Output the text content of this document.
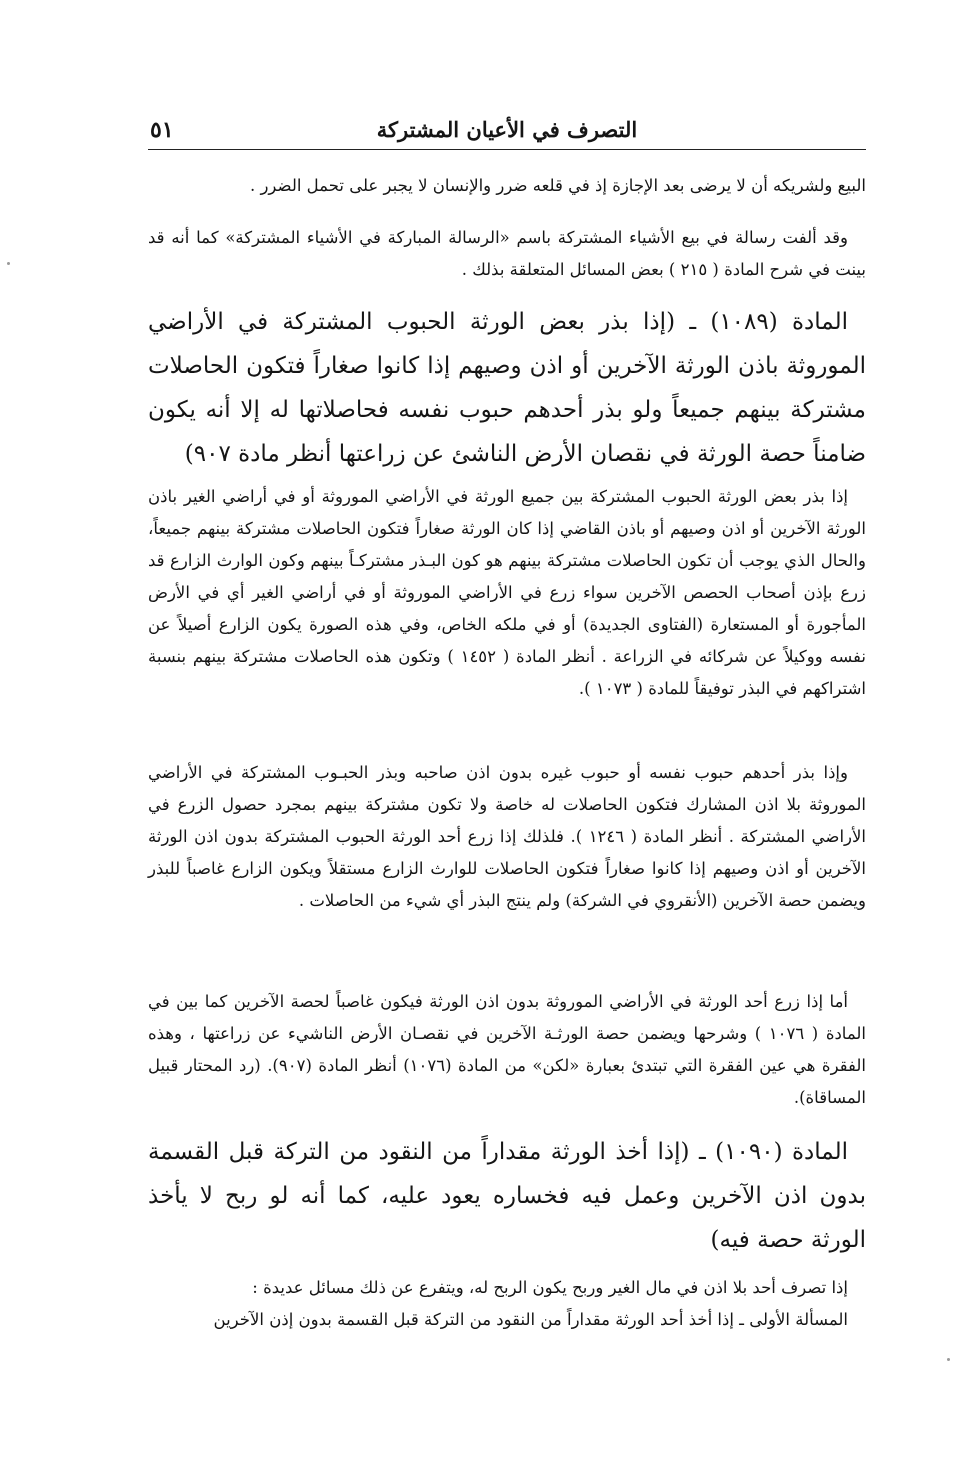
التصرف في الأعيان المشتركة
٥١

البيع ولشريكه أن لا يرضى بعد الإجازة إذ في قلعه ضرر والإنسان لا يجبر على تحمل الضرر .

وقد ألفت رسالة في بيع الأشياء المشتركة باسم «الرسالة المباركة في الأشياء المشتركة» كما أنه قد بينت في شرح المادة ( ٢١٥ ) بعض المسائل المتعلقة بذلك .

المادة (١٠٨٩) ـ (إذا بذر بعض الورثة الحبوب المشتركة في الأراضي الموروثة باذن الورثة الآخرين أو اذن وصيهم إذا كانوا صغاراً فتكون الحاصلات مشتركة بينهم جميعاً ولو بذر أحدهم حبوب نفسه فحاصلاتها له إلا أنه يكون ضامناً حصة الورثة في نقصان الأرض الناشئ عن زراعتها أنظر مادة ٩٠٧)

إذا بذر بعض الورثة الحبوب المشتركة بين جميع الورثة في الأراضي الموروثة أو في أراضي الغير باذن الورثة الآخرين أو اذن وصيهم أو باذن القاضي إذا كان الورثة صغاراً فتكون الحاصلات مشتركة بينهم جميعاً، والحال الذي يوجب أن تكون الحاصلات مشتركة بينهم هو كون البـذر مشتركـاً بينهم وكون الوارث الزارع قد زرع بإذن أصحاب الحصص الآخرين سواء زرع في الأراضي الموروثة أو في أراضي الغير أي في الأرض المأجورة أو المستعارة (الفتاوى الجديدة) أو في ملكه الخاص، وفي هذه الصورة يكون الزارع أصيلاً عن نفسه ووكيلاً عن شركائه في الزراعة . أنظر المادة ( ١٤٥٢ ) وتكون هذه الحاصلات مشتركة بينهم بنسبة اشتراكهم في البذر توفيقاً للمادة ( ١٠٧٣ ).

وإذا بذر أحدهم حبوب نفسه أو حبوب غيره بدون اذن صاحبه وبذر الحبـوب المشتركة في الأراضي الموروثة بلا اذن المشارك فتكون الحاصلات له خاصة ولا تكون مشتركة بينهم بمجرد حصول الزرع في الأراضي المشتركة . أنظر المادة ( ١٢٤٦ ). فلذلك إذا زرع أحد الورثة الحبوب المشتركة بدون اذن الورثة الآخرين أو اذن وصيهم إذا كانوا صغاراً فتكون الحاصلات للوارث الزارع مستقلاً ويكون الزارع غاصباً للبذر ويضمن حصة الآخرين (الأنقروي في الشركة) ولم ينتج البذر أي شيء من الحاصلات .

أما إذا زرع أحد الورثة في الأراضي الموروثة بدون اذن الورثة فيكون غاصباً لحصة الآخرين كما بين في المادة ( ١٠٧٦ ) وشرحها ويضمن حصة الورثـة الآخرين في نقصـان الأرض الناشيء عن زراعتها ، وهذه الفقرة هي عين الفقرة التي تبتدئ بعبارة «لكن» من المادة (١٠٧٦) أنظر المادة (٩٠٧). (رد المحتار قبيل المساقاة).

المادة (١٠٩٠) ـ (إذا أخذ الورثة مقداراً من النقود من التركة قبل القسمة بدون اذن الآخرين وعمل فيه فخساره يعود عليه، كما أنه لو ربح لا يأخذ الورثة حصة فيه)

إذا تصرف أحد بلا اذن في مال الغير وربح يكون الربح له، ويتفرع عن ذلك مسائل عديدة :

المسألة الأولى ـ إذا أخذ أحد الورثة مقداراً من النقود من التركة قبل القسمة بدون إذن الآخرين
